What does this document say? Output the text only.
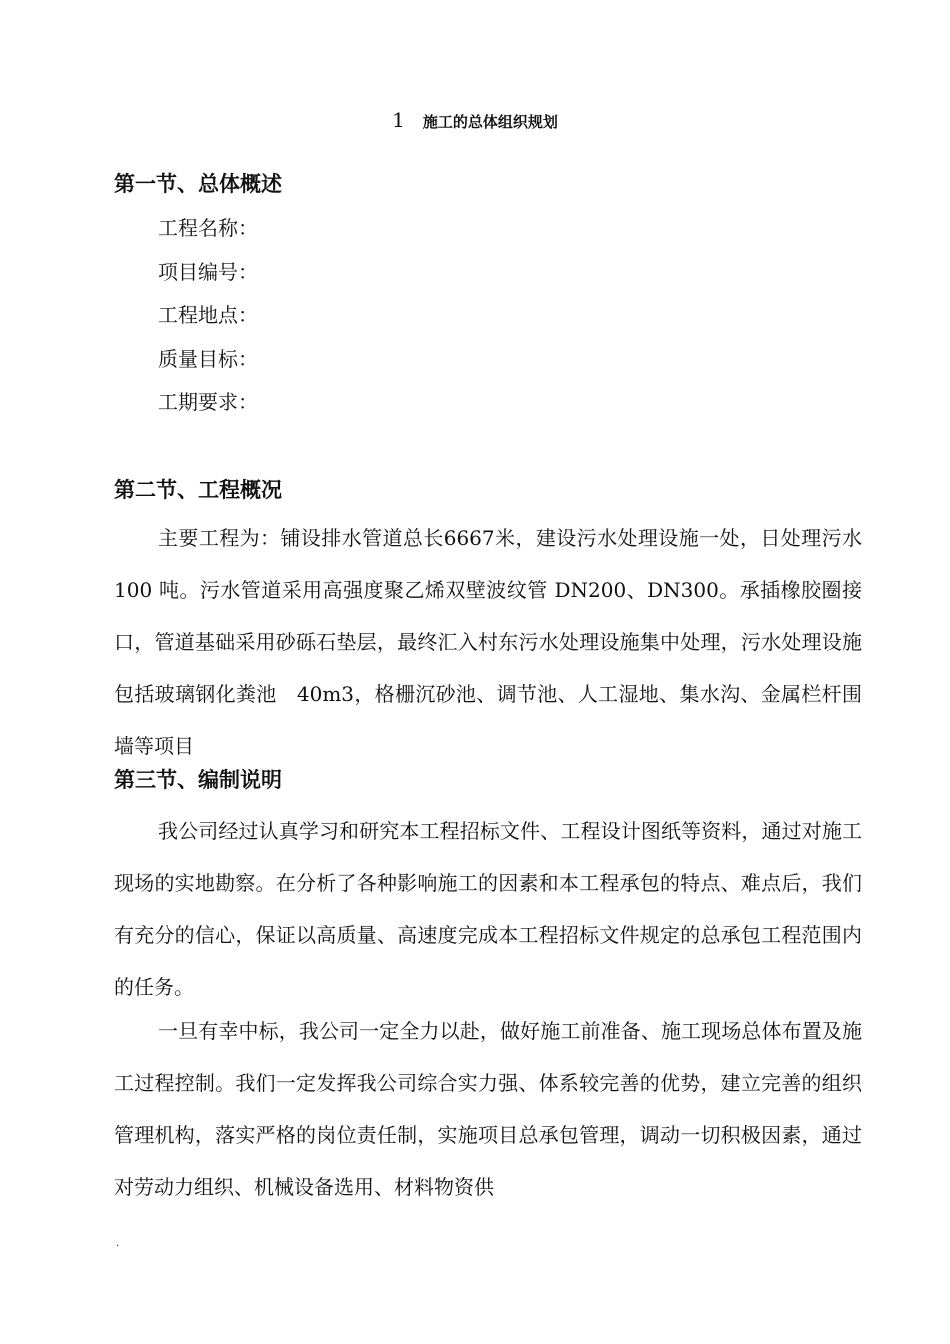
1 施工的总体组织规划
第一节、总体概述
工程名称：
项目编号：
工程地点：
质量目标：
工期要求：
第二节、工程概况

主要工程为：铺设排水管道总长6667米，建设污水处理设施一处，日处理污水 100 吨。污水管道采用高强度聚乙烯双壁波纹管 DN200、DN300。承插橡胶圈接口，管道基础采用砂砾石垫层，最终汇入村东污水处理设施集中处理，污水处理设施包括玻璃钢化粪池　40m3，格栅沉砂池、调节池、人工湿地、集水沟、金属栏杆围墙等项目

第三节、编制说明

我公司经过认真学习和研究本工程招标文件、工程设计图纸等资料，通过对施工现场的实地勘察。在分析了各种影响施工的因素和本工程承包的特点、难点后，我们有充分的信心，保证以高质量、高速度完成本工程招标文件规定的总承包工程范围内的任务。

一旦有幸中标，我公司一定全力以赴，做好施工前准备、施工现场总体布置及施工过程控制。我们一定发挥我公司综合实力强、体系较完善的优势，建立完善的组织管理机构，落实严格的岗位责任制，实施项目总承包管理，调动一切积极因素，通过对劳动力组织、机械设备选用、材料物资供

.
